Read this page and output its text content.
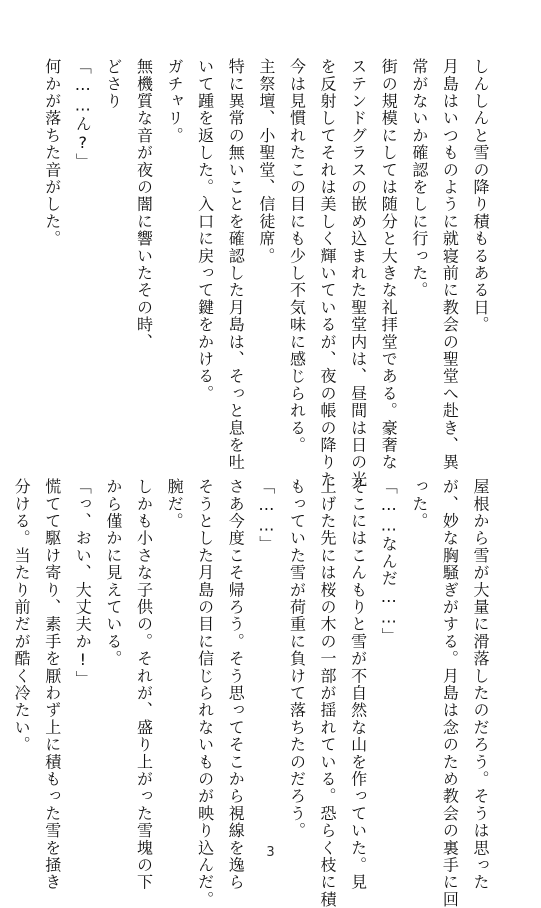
しんしんと雪の降り積もるある日。
月島はいつものように就寝前に教会の聖堂へ赴き、異
常がないか確認をしに行った。
街の規模にしては随分と大きな礼拝堂である。豪奢な
ステンドグラスの嵌め込まれた聖堂内は、昼間は日の光
を反射してそれは美しく輝いているが、夜の帳の降りた
今は見慣れたこの目にも少し不気味に感じられる。
主祭壇、小聖堂、信徒席。
特に異常の無いことを確認した月島は、そっと息を吐
いて踵を返した。入口に戻って鍵をかける。
ガチャリ。
無機質な音が夜の闇に響いたその時、
どさり
「……ん?」
何かが落ちた音がした。
屋根から雪が大量に滑落したのだろう。そうは思った
が、妙な胸騒ぎがする。月島は念のため教会の裏手に回
った。
「……なんだ……」
そこにはこんもりと雪が不自然な山を作っていた。見
上げた先には桜の木の一部が揺れている。恐らく枝に積
もっていた雪が荷重に負けて落ちたのだろう。
「……」
さあ今度こそ帰ろう。そう思ってそこから視線を逸ら
そうとした月島の目に信じられないものが映り込んだ。
腕だ。
しかも小さな子供の。それが、盛り上がった雪塊の下
から僅かに見えている。
「っ、おい、大丈夫か!」
慌てて駆け寄り、素手を厭わず上に積もった雪を掻き
分ける。当たり前だが酷く冷たい。
3
